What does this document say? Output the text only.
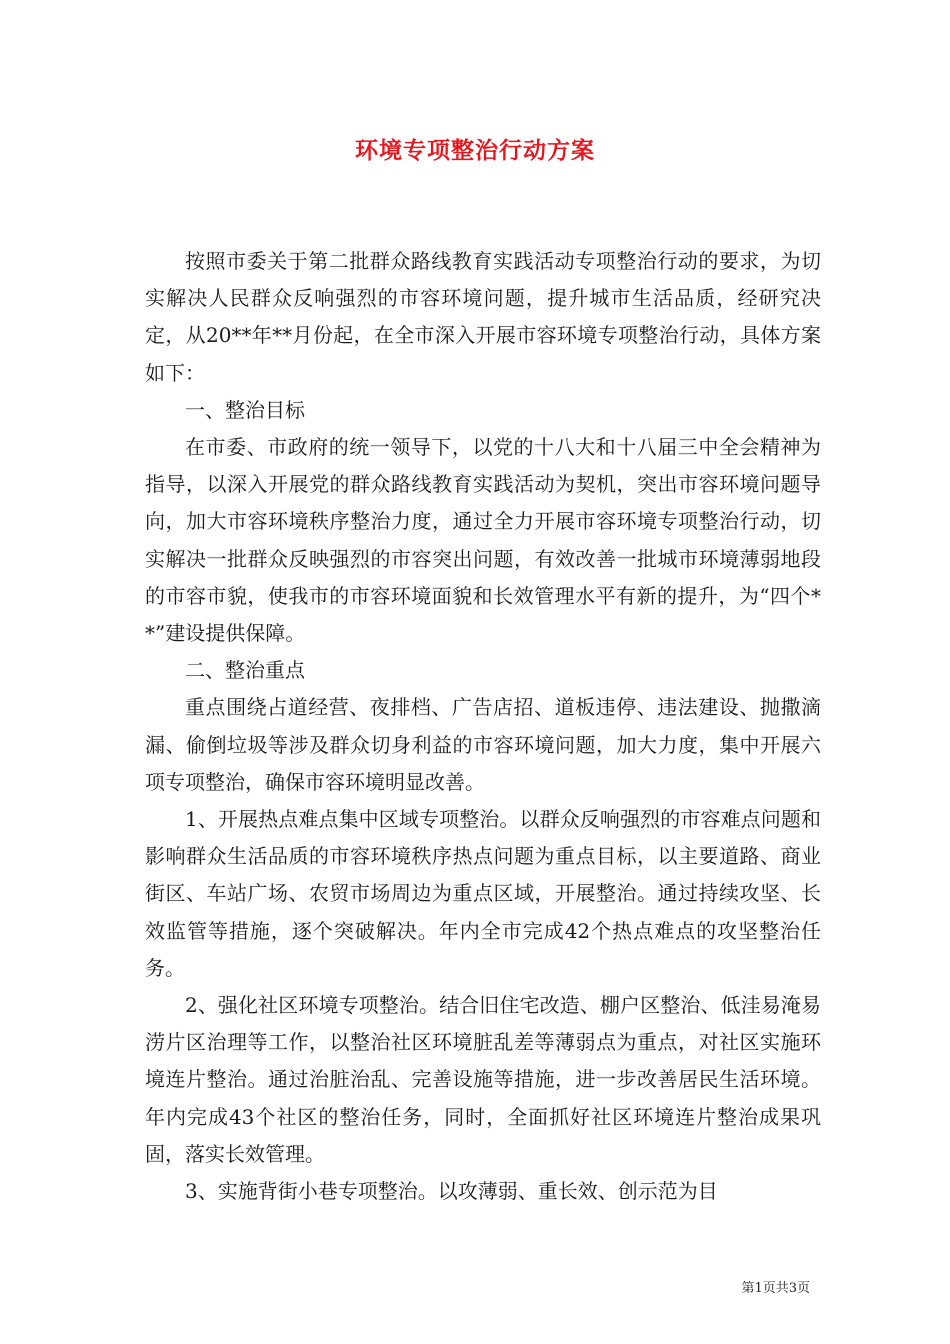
环境专项整治行动方案

按照市委关于第二批群众路线教育实践活动专项整治行动的要求，为切实解决人民群众反响强烈的市容环境问题，提升城市生活品质，经研究决定，从20**年**月份起，在全市深入开展市容环境专项整治行动，具体方案如下：

一、整治目标

在市委、市政府的统一领导下，以党的十八大和十八届三中全会精神为指导，以深入开展党的群众路线教育实践活动为契机，突出市容环境问题导向，加大市容环境秩序整治力度，通过全力开展市容环境专项整治行动，切实解决一批群众反映强烈的市容突出问题，有效改善一批城市环境薄弱地段的市容市貌，使我市的市容环境面貌和长效管理水平有新的提升，为“四个**”建设提供保障。

二、整治重点

重点围绕占道经营、夜排档、广告店招、道板违停、违法建设、抛撒滴漏、偷倒垃圾等涉及群众切身利益的市容环境问题，加大力度，集中开展六项专项整治，确保市容环境明显改善。

1、开展热点难点集中区域专项整治。以群众反响强烈的市容难点问题和影响群众生活品质的市容环境秩序热点问题为重点目标，以主要道路、商业街区、车站广场、农贸市场周边为重点区域，开展整治。通过持续攻坚、长效监管等措施，逐个突破解决。年内全市完成42个热点难点的攻坚整治任务。

2、强化社区环境专项整治。结合旧住宅改造、棚户区整治、低洼易淹易涝片区治理等工作，以整治社区环境脏乱差等薄弱点为重点，对社区实施环境连片整治。通过治脏治乱、完善设施等措施，进一步改善居民生活环境。年内完成43个社区的整治任务，同时，全面抓好社区环境连片整治成果巩固，落实长效管理。

3、实施背街小巷专项整治。以攻薄弱、重长效、创示范为目

第1页共3页
